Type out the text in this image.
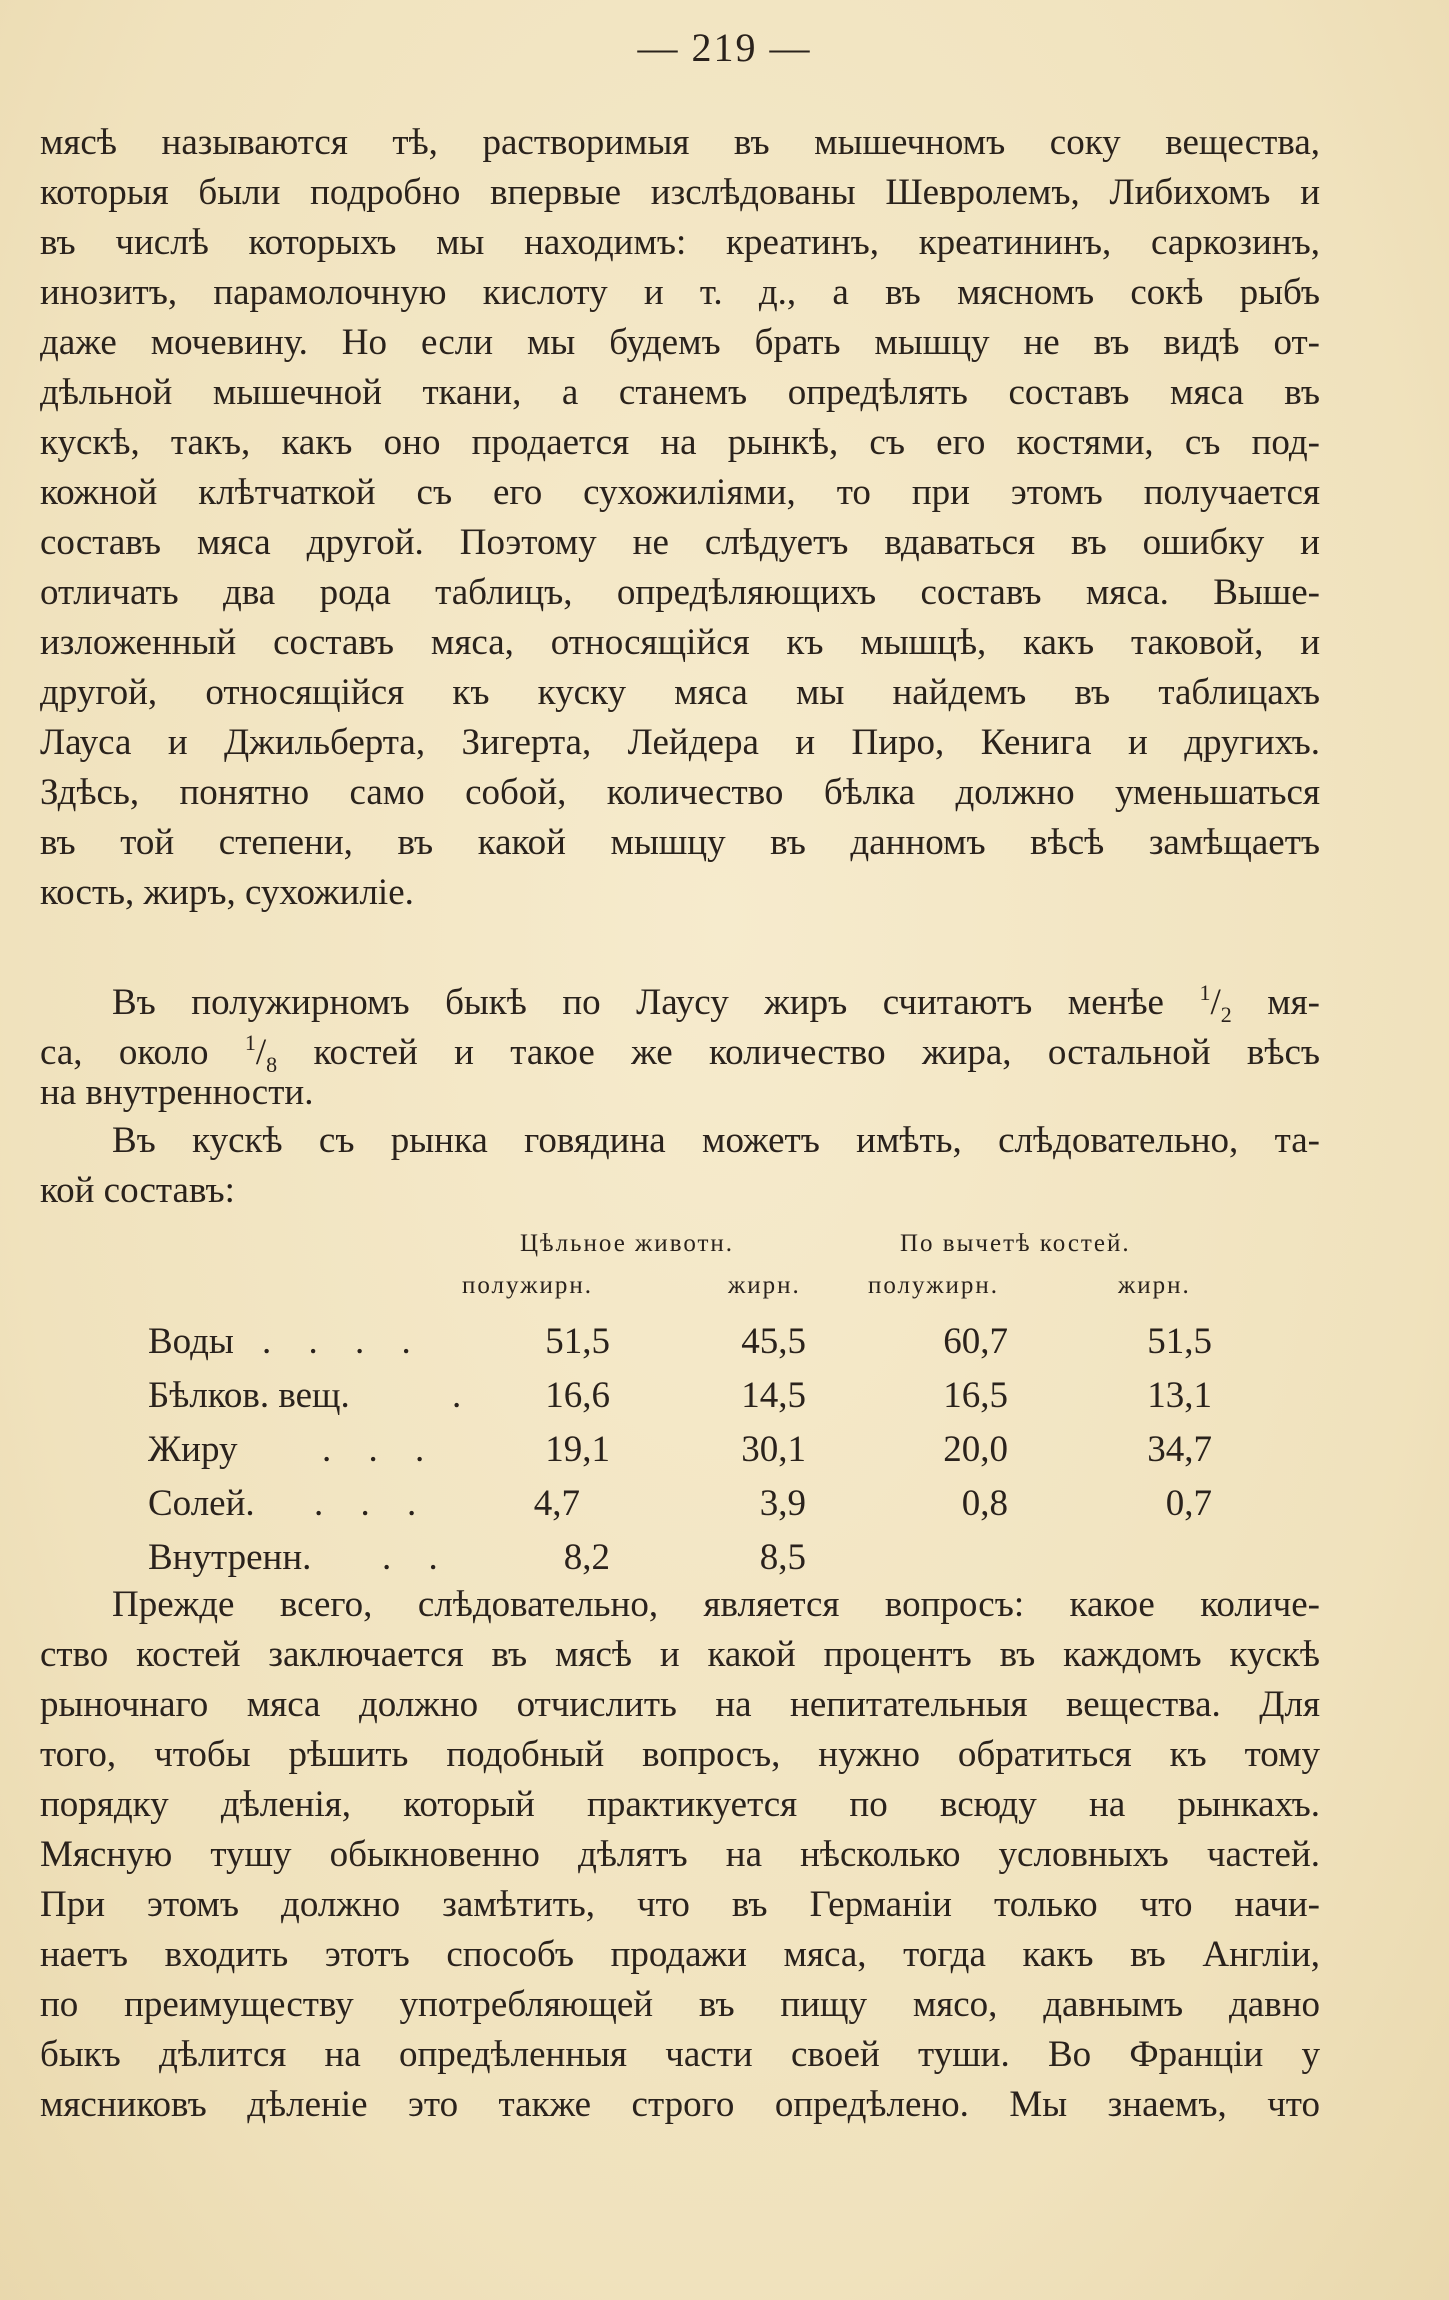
— 219 —
мясѣ называются тѣ, растворимыя въ мышечномъ соку вещества,
которыя были подробно впервые изслѣдованы Шевролемъ, Либихомъ и
въ числѣ которыхъ мы находимъ: креатинъ, креатининъ, саркозинъ,
инозитъ, парамолочную кислоту и т. д., а въ мясномъ сокѣ рыбъ
даже мочевину. Но если мы будемъ брать мышцу не въ видѣ от-
дѣльной мышечной ткани, а станемъ опредѣлять составъ мяса въ
кускѣ, такъ, какъ оно продается на рынкѣ, съ его костями, съ под-
кожной клѣтчаткой съ его сухожиліями, то при этомъ получается
составъ мяса другой. Поэтому не слѣдуетъ вдаваться въ ошибку и
отличать два рода таблицъ, опредѣляющихъ составъ мяса. Выше-
изложенный составъ мяса, относящійся къ мышцѣ, какъ таковой, и
другой, относящійся къ куску мяса мы найдемъ въ таблицахъ
Лауса и Джильберта, Зигерта, Лейдера и Пиро, Кенига и другихъ.
Здѣсь, понятно само собой, количество бѣлка должно уменьшаться
въ той степени, въ какой мышцу въ данномъ вѣсѣ замѣщаетъ
кость, жиръ, сухожиліе.
Въ полужирномъ быкѣ по Лаусу жиръ считаютъ менѣе $^1/_2$ мя-
са, около $^1/_8$ костей и такое же количество жира, остальной вѣсъ
на внутренности.
Въ кускѣ съ рынка говядина можетъ имѣть, слѣдовательно, та-
кой составъ:
Цѣльное животн.	По вычетѣ костей.
полужирн.	жирн.	полужирн.	жирн.
Воды . . . .	51,5	45,5	60,7	51,5
Бѣлков. вещ.	.	16,6	14,5	16,5	13,1
Жиру . . .	19,1	30,1	20,0	34,7
Солей. . . .	4,7	3,9	0,8	0,7
Внутренн. . .	8,2	8,5
Прежде всего, слѣдовательно, является вопросъ: какое количе-
ство костей заключается въ мясѣ и какой процентъ въ каждомъ кускѣ
рыночнаго мяса должно отчислить на непитательныя вещества. Для
того, чтобы рѣшить подобный вопросъ, нужно обратиться къ тому
порядку дѣленія, который практикуется по всюду на рынкахъ.
Мясную тушу обыкновенно дѣлятъ на нѣсколько условныхъ частей.
При этомъ должно замѣтить, что въ Германіи только что начи-
наетъ входить этотъ способъ продажи мяса, тогда какъ въ Англіи,
по преимуществу употребляющей въ пищу мясо, давнымъ давно
быкъ дѣлится на опредѣленныя части своей туши. Во Франціи у
мясниковъ дѣленіе это также строго опредѣлено. Мы знаемъ, что
